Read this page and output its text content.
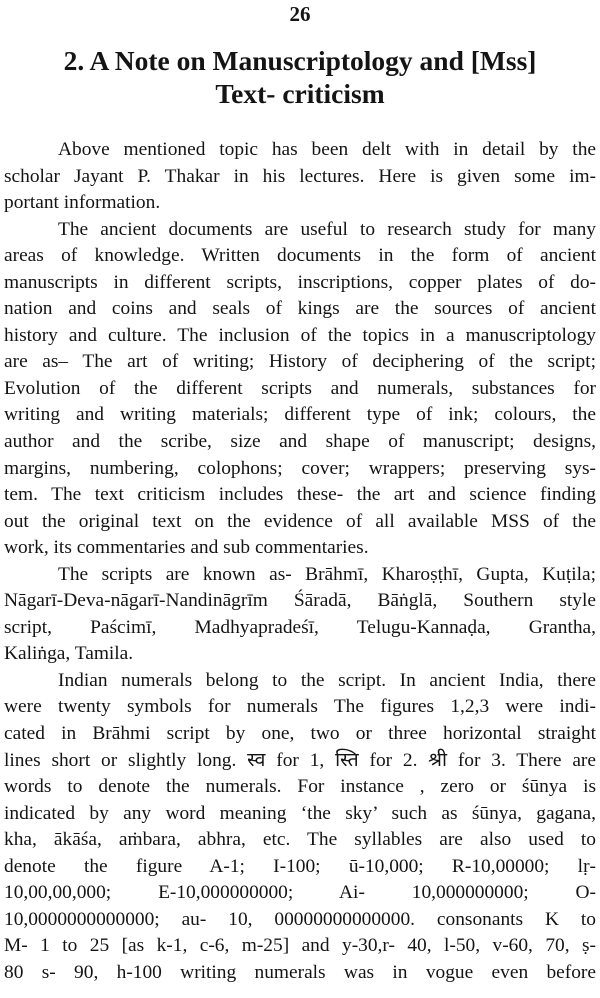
26
2. A Note on Manuscriptology and [Mss]
Text- criticism

Above mentioned topic has been delt with in detail by the
scholar Jayant P. Thakar in his lectures. Here is given some im-
portant information.

The ancient documents are useful to research study for many
areas of knowledge. Written documents in the form of ancient
manuscripts in different scripts, inscriptions, copper plates of do-
nation and coins and seals of kings are the sources of ancient
history and culture. The inclusion of the topics in a manuscriptology
are as– The art of writing; History of deciphering of the script;
Evolution of the different scripts and numerals, substances for
writing and writing materials; different type of ink; colours, the
author and the scribe, size and shape of manuscript; designs,
margins, numbering, colophons; cover; wrappers; preserving sys-
tem. The text criticism includes these- the art and science finding
out the original text on the evidence of all available MSS of the
work, its commentaries and sub commentaries.

The scripts are known as- Brāhmī, Kharoṣṭhī, Gupta, Kuṭila;
Nāgarī-Deva-nāgarī-Nandināgrīm Śāradā, Bāṅglā, Southern style
script, Paścimī, Madhyapradeśī, Telugu-Kannaḍa, Grantha,
Kaliṅga, Tamila.

Indian numerals belong to the script. In ancient India, there
were twenty symbols for numerals The figures 1,2,3 were indi-
cated in Brāhmi script by one, two or three horizontal straight
lines short or slightly long. स्व for 1, स्ति for 2. श्री for 3. There are
words to denote the numerals. For instance , zero or śūnya is
indicated by any word meaning ‘the sky’ such as śūnya, gagana,
kha, ākāśa, aṁbara, abhra, etc. The syllables are also used to
denote the figure A-1; I-100; ū-10,000; R-10,00000; lṛ-
10,00,00,000; E-10,000000000; Ai- 10,000000000; O-
10,0000000000000; au- 10, 00000000000000. consonants K to
M- 1 to 25 [as k-1, c-6, m-25] and y-30,r- 40, l-50, v-60, 70, ṣ-
80 s- 90, h-100 writing numerals was in vogue even before
